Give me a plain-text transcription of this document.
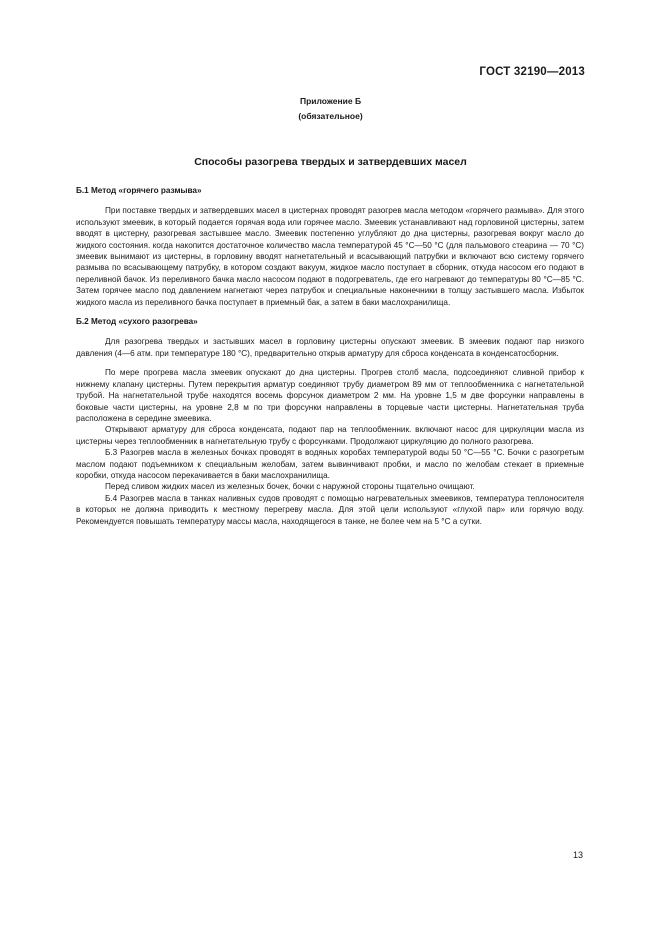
ГОСТ 32190—2013
Приложение Б
(обязательное)
Способы разогрева твердых и затвердевших масел
Б.1 Метод «горячего размыва»

При поставке твердых и затвердевших масел в цистернах проводят разогрев масла методом «горячего размыва». Для этого используют змеевик, в который подается горячая вода или горячее масло. Змеевик устанавливают над горловиной цистерны, затем вводят в цистерну, разогревая застывшее масло. Змеевик постепенно углубляют до дна цистерны, разогревая вокруг масло до жидкого состояния. когда накопится достаточное количество масла температурой 45 °С—50 °С (для пальмового стеарина — 70 °С) змеевик вынимают из цистерны, в горловину вводят нагнетательный и всасывающий патрубки и включают всю систему горячего размыва по всасывающему патрубку, в котором создают вакуум, жидкое масло поступает в сборник, откуда насосом его подают в переливной бачок. Из переливного бачка масло насосом подают в подогреватель, где его нагревают до температуры 80 °С—85 °С. Затем горячее масло под давлением нагнетают через патрубок и специальные наконечники в толщу застывшего масла. Избыток жидкого масла из переливного бачка поступает в приемный бак, а затем в баки маслохранилища.

Б.2 Метод «сухого разогрева»

Для разогрева твердых и застывших масел в горловину цистерны опускают змеевик. В змеевик подают пар низкого давления (4—6 атм. при температуре 180 °С), предварительно открыв арматуру для сброса конденсата в конденсатосборник.

По мере прогрева масла змеевик опускают до дна цистерны. Прогрев столб масла, подсоединяют сливной прибор к нижнему клапану цистерны. Путем перекрытия арматур соединяют трубу диаметром 89 мм от теплообменника с нагнетательной трубой. На нагнетательной трубе находятся восемь форсунок диаметром 2 мм. На уровне 1,5 м две форсунки направлены в боковые части цистерны, на уровне 2,8 м по три форсунки направлены в торцевые части цистерны. Нагнетательная труба расположена в середине змеевика.

Открывают арматуру для сброса конденсата, подают пар на теплообменник. включают насос для циркуляции масла из цистерны через теплообменник в нагнетательную трубу с форсунками. Продолжают циркуляцию до полного разогрева.

Б.3 Разогрев масла в железных бочках проводят в водяных коробах температурой воды 50 °С—55 °С. Бочки с разогретым маслом подают подъемником к специальным желобам, затем вывинчивают пробки, и масло по желобам стекает в приемные коробки, откуда насосом перекачивается в баки маслохранилища.

Перед сливом жидких масел из железных бочек, бочки с наружной стороны тщательно очищают.

Б.4 Разогрев масла в танках наливных судов проводят с помощью нагревательных змеевиков, температура теплоносителя в которых не должна приводить к местному перегреву масла. Для этой цели используют «глухой пар» или горячую воду. Рекомендуется повышать температуру массы масла, находящегося в танке, не более чем на 5 °С а сутки.

13
